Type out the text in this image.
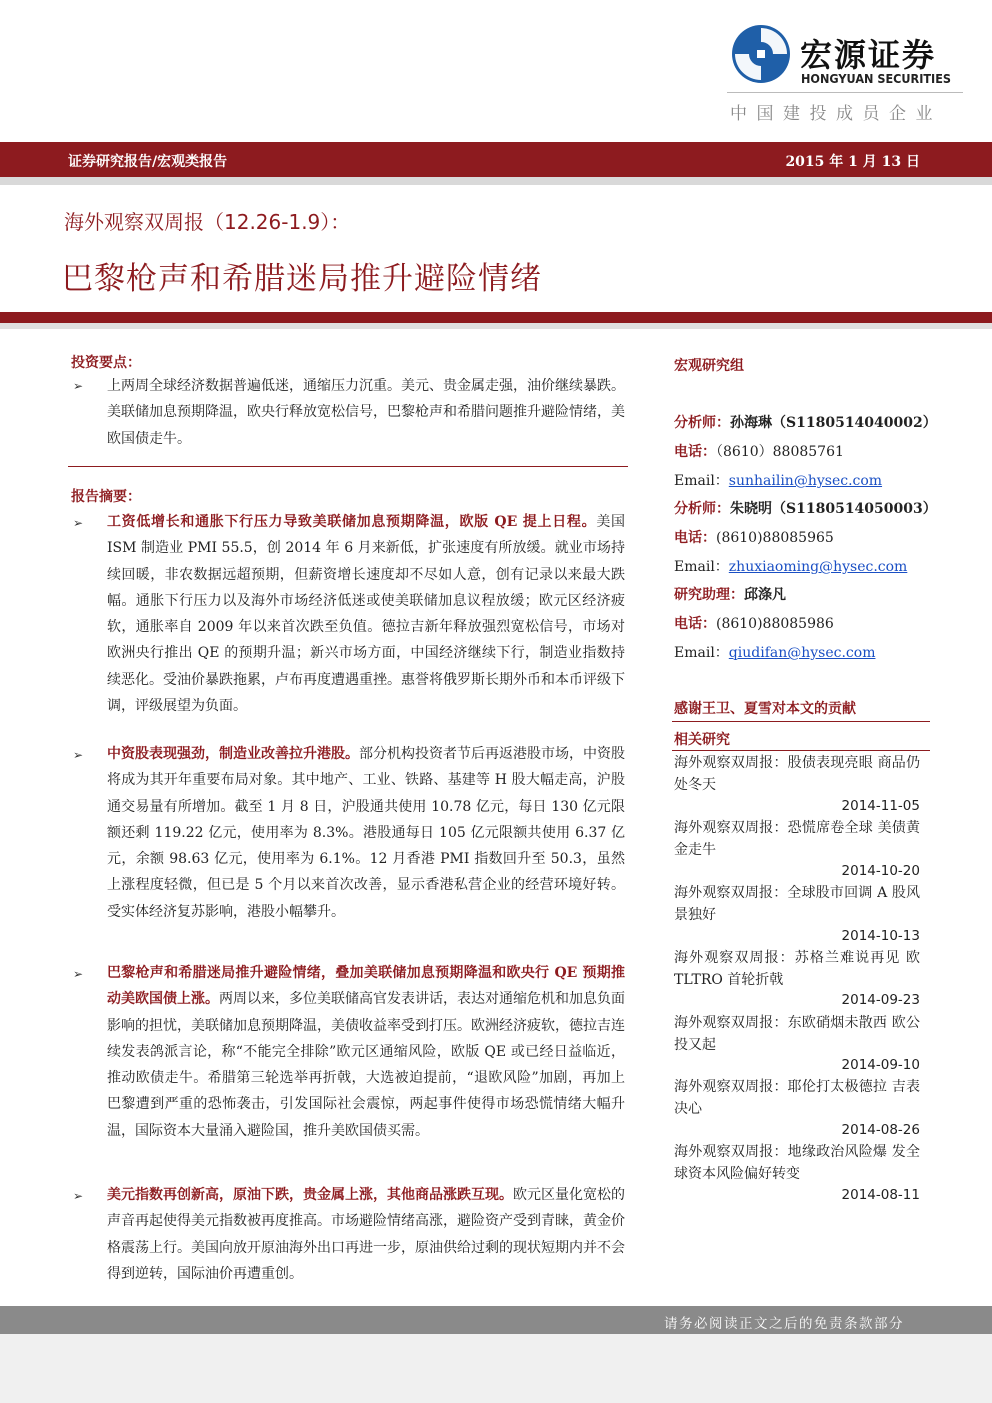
宏源证券
HONGYUAN SECURITIES
中国建投成员企业
证券研究报告/宏观类报告	2015 年 1 月 13 日
海外观察双周报（12.26-1.9）：
巴黎枪声和希腊迷局推升避险情绪
投资要点：
➢ 上两周全球经济数据普遍低迷，通缩压力沉重。美元、贵金属走强，油价继续暴跌。美联储加息预期降温，欧央行释放宽松信号，巴黎枪声和希腊问题推升避险情绪，美欧国债走牛。
报告摘要：
➢ 工资低增长和通胀下行压力导致美联储加息预期降温，欧版 QE 提上日程。美国 ISM 制造业 PMI 55.5，创 2014 年 6 月来新低，扩张速度有所放缓。就业市场持续回暖，非农数据远超预期，但薪资增长速度却不尽如人意，创有记录以来最大跌幅。通胀下行压力以及海外市场经济低迷或使美联储加息议程放缓；欧元区经济疲软，通胀率自 2009 年以来首次跌至负值。德拉吉新年释放强烈宽松信号，市场对欧洲央行推出 QE 的预期升温；新兴市场方面，中国经济继续下行，制造业指数持续恶化。受油价暴跌拖累，卢布再度遭遇重挫。惠誉将俄罗斯长期外币和本币评级下调，评级展望为负面。
➢ 中资股表现强劲，制造业改善拉升港股。部分机构投资者节后再返港股市场，中资股将成为其开年重要布局对象。其中地产、工业、铁路、基建等 H 股大幅走高，沪股通交易量有所增加。截至 1 月 8 日，沪股通共使用 10.78 亿元，每日 130 亿元限额还剩 119.22 亿元，使用率为 8.3%。港股通每日 105 亿元限额共使用 6.37 亿元，余额 98.63 亿元，使用率为 6.1%。12 月香港 PMI 指数回升至 50.3，虽然上涨程度轻微，但已是 5 个月以来首次改善，显示香港私营企业的经营环境好转。受实体经济复苏影响，港股小幅攀升。
➢ 巴黎枪声和希腊迷局推升避险情绪，叠加美联储加息预期降温和欧央行 QE 预期推动美欧国债上涨。两周以来，多位美联储高官发表讲话，表达对通缩危机和加息负面影响的担忧，美联储加息预期降温，美债收益率受到打压。欧洲经济疲软，德拉吉连续发表鸽派言论，称“不能完全排除”欧元区通缩风险，欧版 QE 或已经日益临近，推动欧债走牛。希腊第三轮选举再折戟，大选被迫提前，“退欧风险”加剧，再加上巴黎遭到严重的恐怖袭击，引发国际社会震惊，两起事件使得市场恐慌情绪大幅升温，国际资本大量涌入避险国，推升美欧国债买需。
➢ 美元指数再创新高，原油下跌，贵金属上涨，其他商品涨跌互现。欧元区量化宽松的声音再起使得美元指数被再度推高。市场避险情绪高涨，避险资产受到青睐，黄金价格震荡上行。美国向放开原油海外出口再进一步，原油供给过剩的现状短期内并不会得到逆转，国际油价再遭重创。
宏观研究组
分析师：孙海琳（S1180514040002）
电话：（8610）88085761
Email：sunhailin@hysec.com
分析师：朱晓明（S1180514050003）
电话：(8610)88085965
Email：zhuxiaoming@hysec.com
研究助理：邱涤凡
电话：(8610)88085986
Email：qiudifan@hysec.com
感谢王卫、夏雪对本文的贡献
相关研究
海外观察双周报：股债表现亮眼 商品仍处冬天
2014-11-05
海外观察双周报：恐慌席卷全球 美债黄金走牛
2014-10-20
海外观察双周报：全球股市回调 A 股风景独好
2014-10-13
海外观察双周报：苏格兰难说再见 欧 TLTRO 首轮折戟
2014-09-23
海外观察双周报：东欧硝烟未散西 欧公投又起
2014-09-10
海外观察双周报：耶伦打太极德拉 吉表决心
2014-08-26
海外观察双周报：地缘政治风险爆 发全球资本风险偏好转变
2014-08-11
请务必阅读正文之后的免责条款部分
